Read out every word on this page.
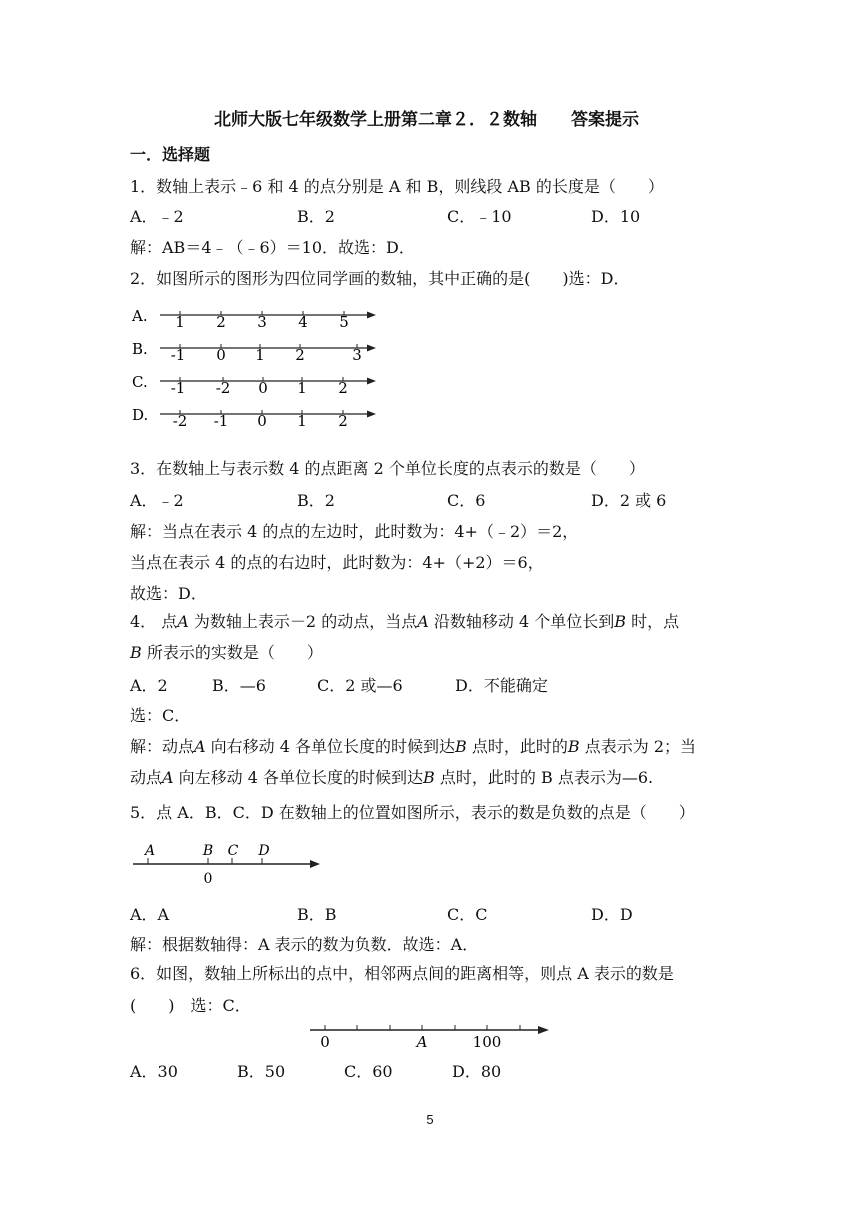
北师大版七年级数学上册第二章２．２数轴　　答案提示
一．选择题
1．数轴上表示﹣6 和 4 的点分别是 A 和 B，则线段 AB 的长度是（　　）
A．﹣2	B．2	C．﹣10	D．10
解：AB＝4﹣（﹣6）＝10．故选：D．
2．如图所示的图形为四位同学画的数轴，其中正确的是(　　)选：D．
A. 1 2 3 4 5
B. -1 0 1 2	3
C. -1 -2 0 1 2
D. -2 -1 0 1 2
A	B C D
0
0	A	100
3．在数轴上与表示数 4 的点距离 2 个单位长度的点表示的数是（　　）
A．﹣2	B．2	C．6	D．2 或 6
解：当点在表示 4 的点的左边时，此时数为：4+（﹣2）＝2，
当点在表示 4 的点的右边时，此时数为：4+（+2）＝6，
故选：D．
4． 点A 为数轴上表示－2 的动点，当点A 沿数轴移动 4 个单位长到B 时，点
B 所表示的实数是（　　）
A．2	B．—6	C．2 或—6	D．不能确定
选：C．
解：动点A 向右移动 4 各单位长度的时候到达B 点时，此时的B 点表示为 2；当
动点A 向左移动 4 各单位长度的时候到达B 点时，此时的 B 点表示为—6.
5．点 A．B．C．D 在数轴上的位置如图所示，表示的数是负数的点是（　　）
A．A	B．B	C．C	D．D
解：根据数轴得：A 表示的数为负数．故选：A．
6．如图，数轴上所标出的点中，相邻两点间的距离相等，则点 A 表示的数是
(　　)　选：C．
A．30	B．50	C．60	D．80
5
